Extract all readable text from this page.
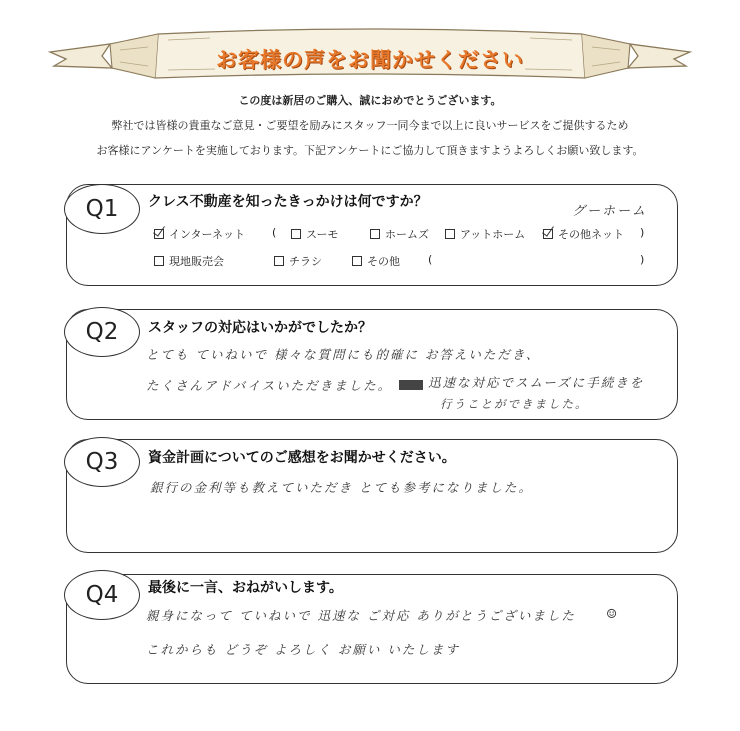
お客様の声をお聞かせください
この度は新居のご購入、誠におめでとうございます。
弊社では皆様の貴重なご意見・ご要望を励みにスタッフ一同今まで以上に良いサービスをご提供するため
お客様にアンケートを実施しております。下記アンケートにご協力して頂きますようよろしくお願い致します。
Q1	クレス不動産を知ったきっかけは何ですか？
グーホーム
インターネット (	スーモ	ホームズ	アットホーム	その他ネット )
現地販売会	チラシ	その他	(	)
Q2	スタッフの対応はいかがでしたか？
とても ていねいで 様々な質問にも的確に お答えいただき、
たくさんアドバイスいただきました。	迅速な対応でスムーズに手続きを
行うことができました。
Q3	資金計画についてのご感想をお聞かせください。
銀行の金利等も教えていただき とても参考になりました。
Q4	最後に一言、おねがいします。
親身になって ていねいで 迅速な ご対応 ありがとうございました ☺
これからも どうぞ よろしく お願い いたします
